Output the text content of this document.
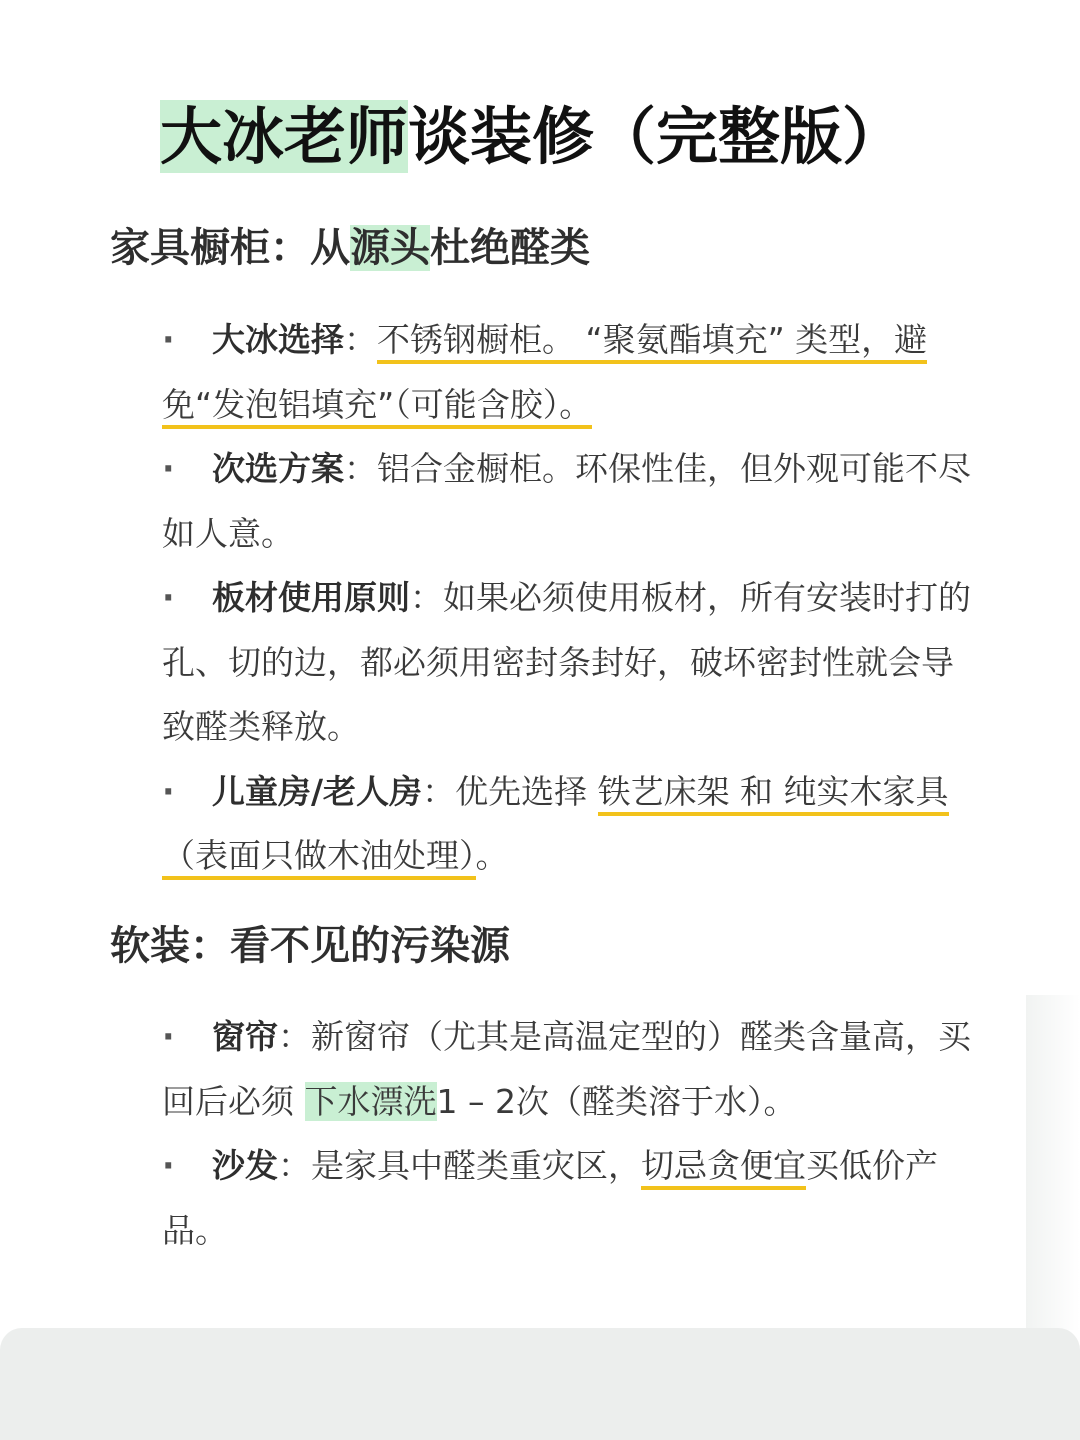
大冰老师谈装修（完整版）
家具橱柜：从源头杜绝醛类

· 大冰选择：不锈钢橱柜。 “聚氨酯填充” 类型，避免“发泡铝填充”（可能含胶）。

· 次选方案：铝合金橱柜。环保性佳，但外观可能不尽如人意。

· 板材使用原则：如果必须使用板材，所有安装时打的孔、切的边，都必须用密封条封好，破坏密封性就会导致醛类释放。

· 儿童房/老人房：优先选择 铁艺床架 和 纯实木家具（表面只做木油处理）。

软装：看不见的污染源

· 窗帘：新窗帘（尤其是高温定型的）醛类含量高，买回后必须 下水漂洗1 – 2次（醛类溶于水）。

· 沙发：是家具中醛类重灾区，切忌贪便宜买低价产品。
